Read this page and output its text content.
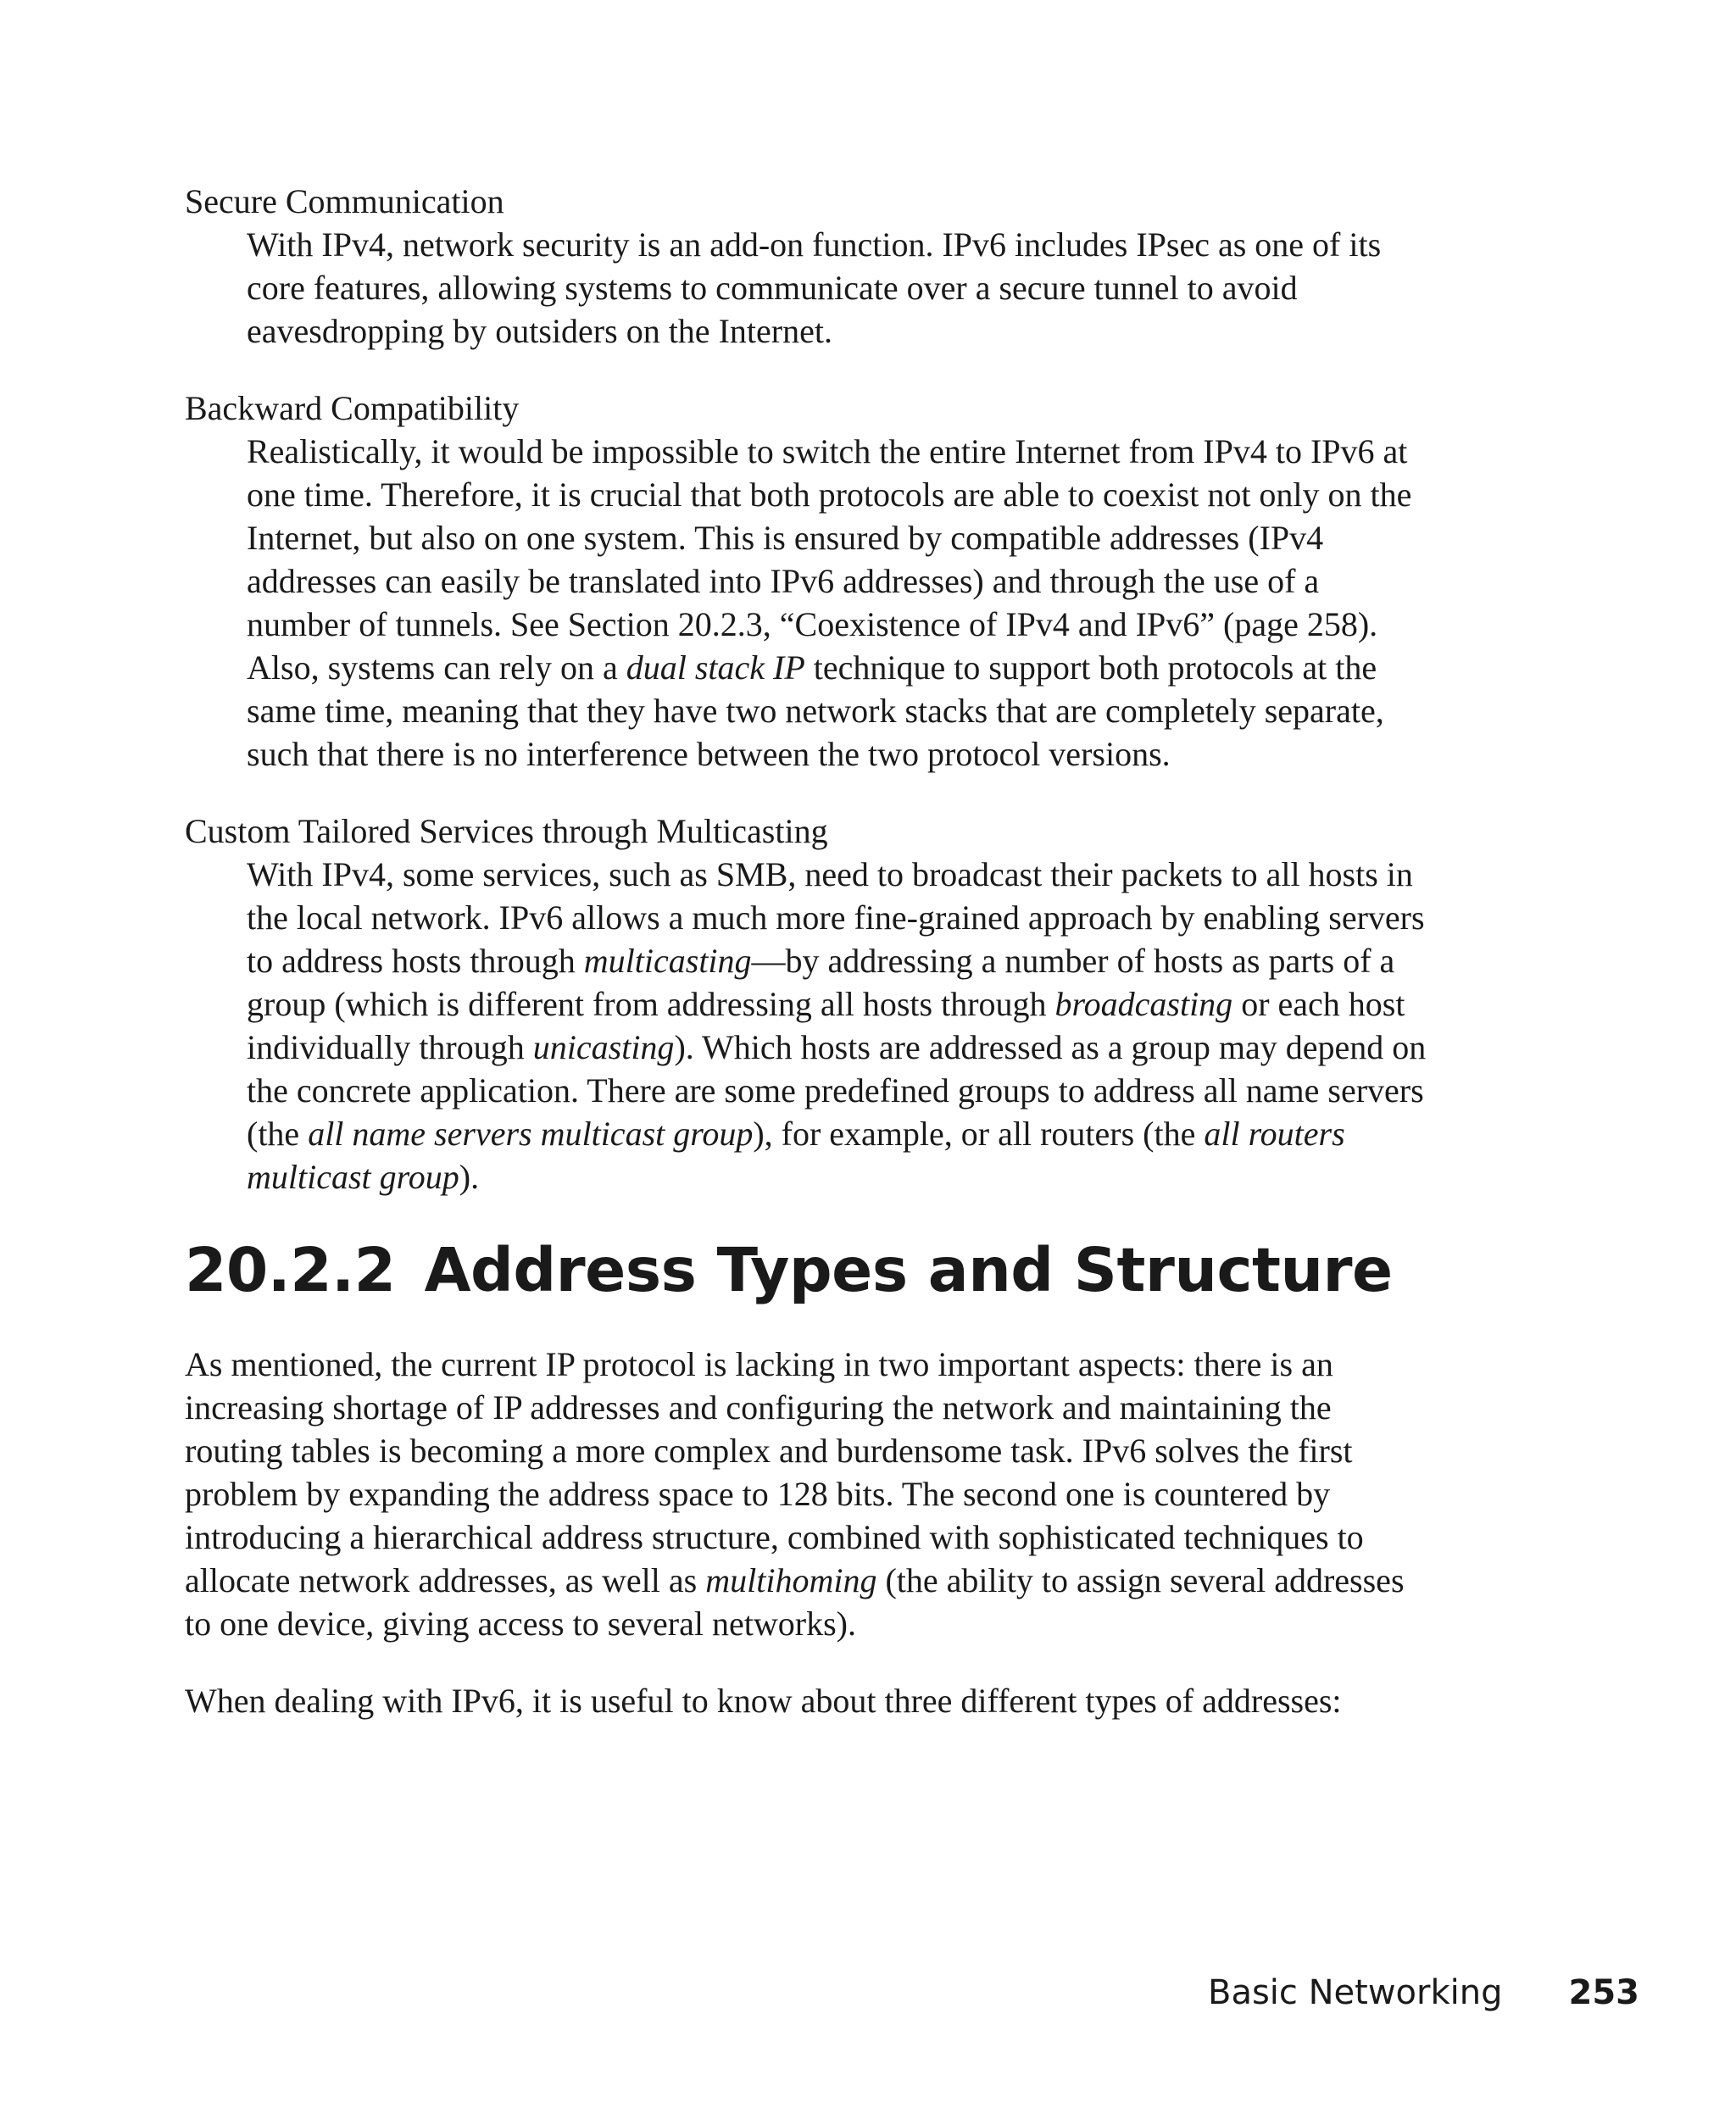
Secure Communication

With IPv4, network security is an add-on function. IPv6 includes IPsec as one of its core features, allowing systems to communicate over a secure tunnel to avoid eavesdropping by outsiders on the Internet.

Backward Compatibility

Realistically, it would be impossible to switch the entire Internet from IPv4 to IPv6 at one time. Therefore, it is crucial that both protocols are able to coexist not only on the Internet, but also on one system. This is ensured by compatible addresses (IPv4 addresses can easily be translated into IPv6 addresses) and through the use of a number of tunnels. See Section 20.2.3, “Coexistence of IPv4 and IPv6” (page 258). Also, systems can rely on a dual stack IP technique to support both protocols at the same time, meaning that they have two network stacks that are completely separate, such that there is no interference between the two protocol versions.

Custom Tailored Services through Multicasting

With IPv4, some services, such as SMB, need to broadcast their packets to all hosts in the local network. IPv6 allows a much more fine-grained approach by enabling servers to address hosts through multicasting—by addressing a number of hosts as parts of a group (which is different from addressing all hosts through broadcasting or each host individually through unicasting). Which hosts are addressed as a group may depend on the concrete application. There are some predefined groups to address all name servers (the all name servers multicast group), for example, or all routers (the all routers multicast group).

20.2.2 Address Types and Structure

As mentioned, the current IP protocol is lacking in two important aspects: there is an increasing shortage of IP addresses and configuring the network and maintaining the routing tables is becoming a more complex and burdensome task. IPv6 solves the first problem by expanding the address space to 128 bits. The second one is countered by introducing a hierarchical address structure, combined with sophisticated techniques to allocate network addresses, as well as multihoming (the ability to assign several addresses to one device, giving access to several networks).

When dealing with IPv6, it is useful to know about three different types of addresses:

Basic Networking 253
